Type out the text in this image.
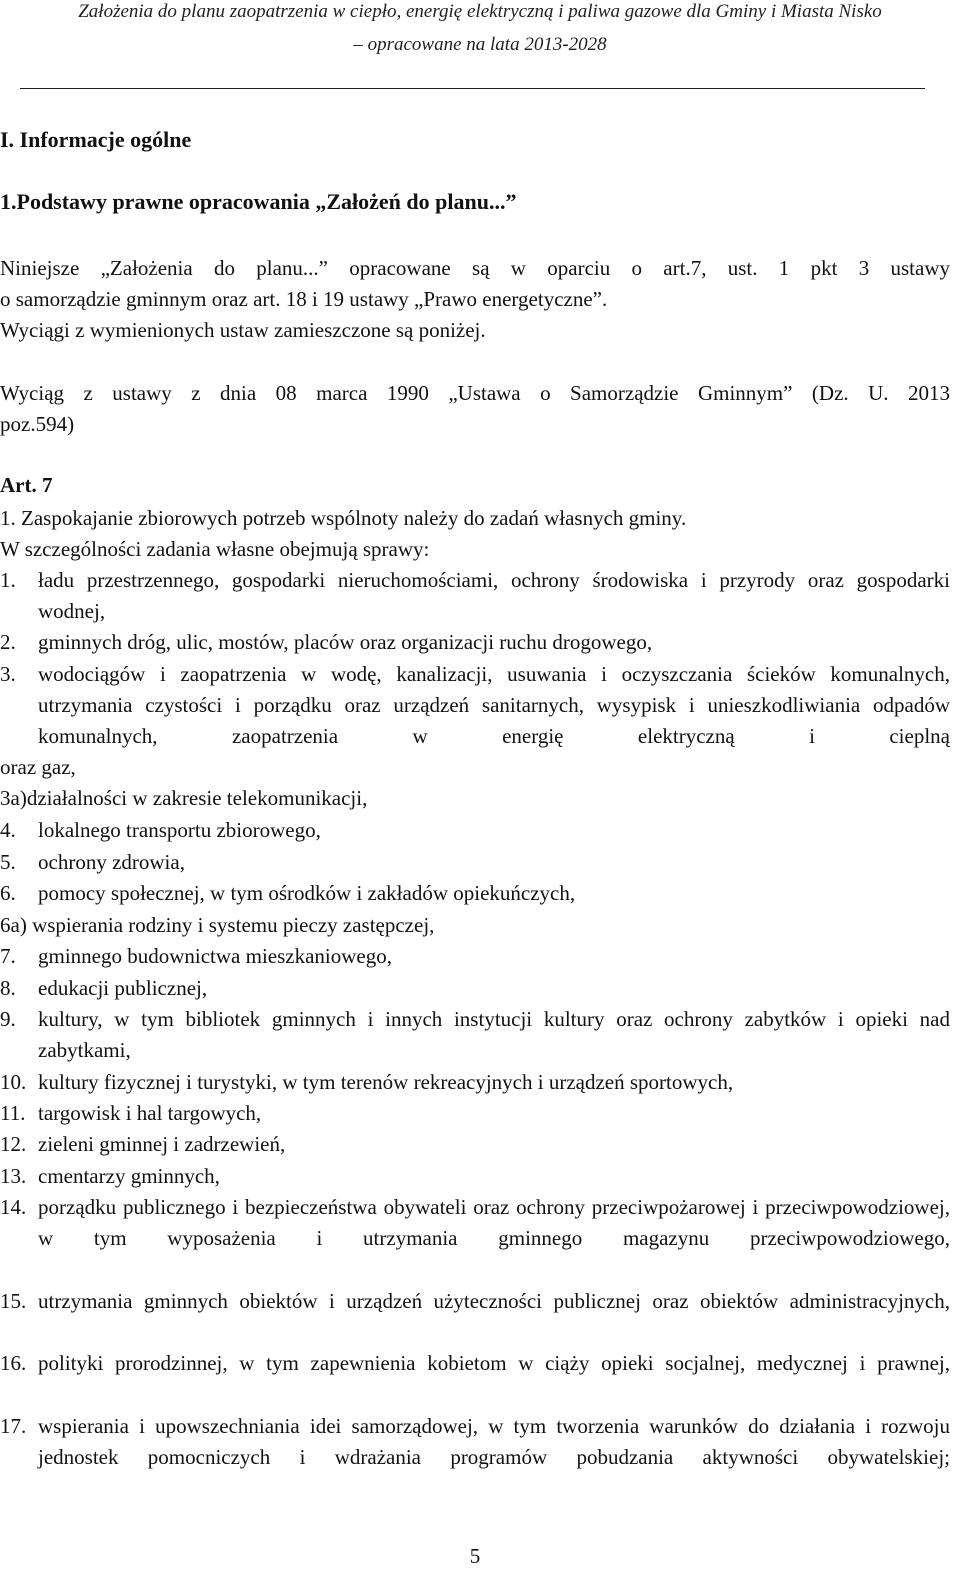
Założenia do planu zaopatrzenia w ciepło, energię elektryczną i paliwa gazowe dla Gminy i Miasta Nisko
– opracowane na lata 2013-2028
I. Informacje ogólne
1.Podstawy prawne opracowania „Założeń do planu...”
Niniejsze „Założenia do planu...” opracowane są w oparciu o art.7, ust. 1 pkt 3 ustawy
o samorządzie gminnym oraz art. 18 i 19 ustawy „Prawo energetyczne”.
Wyciągi z wymienionych ustaw zamieszczone są poniżej.
Wyciąg z ustawy z dnia 08 marca 1990 „Ustawa o Samorządzie Gminnym” (Dz. U. 2013
poz.594)
Art. 7
1. Zaspokajanie zbiorowych potrzeb wspólnoty należy do zadań własnych gminy.
W szczególności zadania własne obejmują sprawy:
1. ładu przestrzennego, gospodarki nieruchomościami, ochrony środowiska i przyrody oraz gospodarki wodnej,
2. gminnych dróg, ulic, mostów, placów oraz organizacji ruchu drogowego,
3. wodociągów i zaopatrzenia w wodę, kanalizacji, usuwania i oczyszczania ścieków komunalnych, utrzymania czystości i porządku oraz urządzeń sanitarnych, wysypisk i unieszkodliwiania odpadów komunalnych, zaopatrzenia w energię elektryczną i cieplną
oraz gaz,
3a)działalności w zakresie telekomunikacji,
4. lokalnego transportu zbiorowego,
5. ochrony zdrowia,
6. pomocy społecznej, w tym ośrodków i zakładów opiekuńczych,
6a) wspierania rodziny i systemu pieczy zastępczej,
7. gminnego budownictwa mieszkaniowego,
8. edukacji publicznej,
9. kultury, w tym bibliotek gminnych i innych instytucji kultury oraz ochrony zabytków i opieki nad zabytkami,
10. kultury fizycznej i turystyki, w tym terenów rekreacyjnych i urządzeń sportowych,
11. targowisk i hal targowych,
12. zieleni gminnej i zadrzewień,
13. cmentarzy gminnych,
14. porządku publicznego i bezpieczeństwa obywateli oraz ochrony przeciwpożarowej i przeciwpowodziowej, w tym wyposażenia i utrzymania gminnego magazynu przeciwpowodziowego,
15. utrzymania gminnych obiektów i urządzeń użyteczności publicznej oraz obiektów administracyjnych,
16. polityki prorodzinnej, w tym zapewnienia kobietom w ciąży opieki socjalnej, medycznej i prawnej,
17. wspierania i upowszechniania idei samorządowej, w tym tworzenia warunków do działania i rozwoju jednostek pomocniczych i wdrażania programów pobudzania aktywności obywatelskiej;
5
